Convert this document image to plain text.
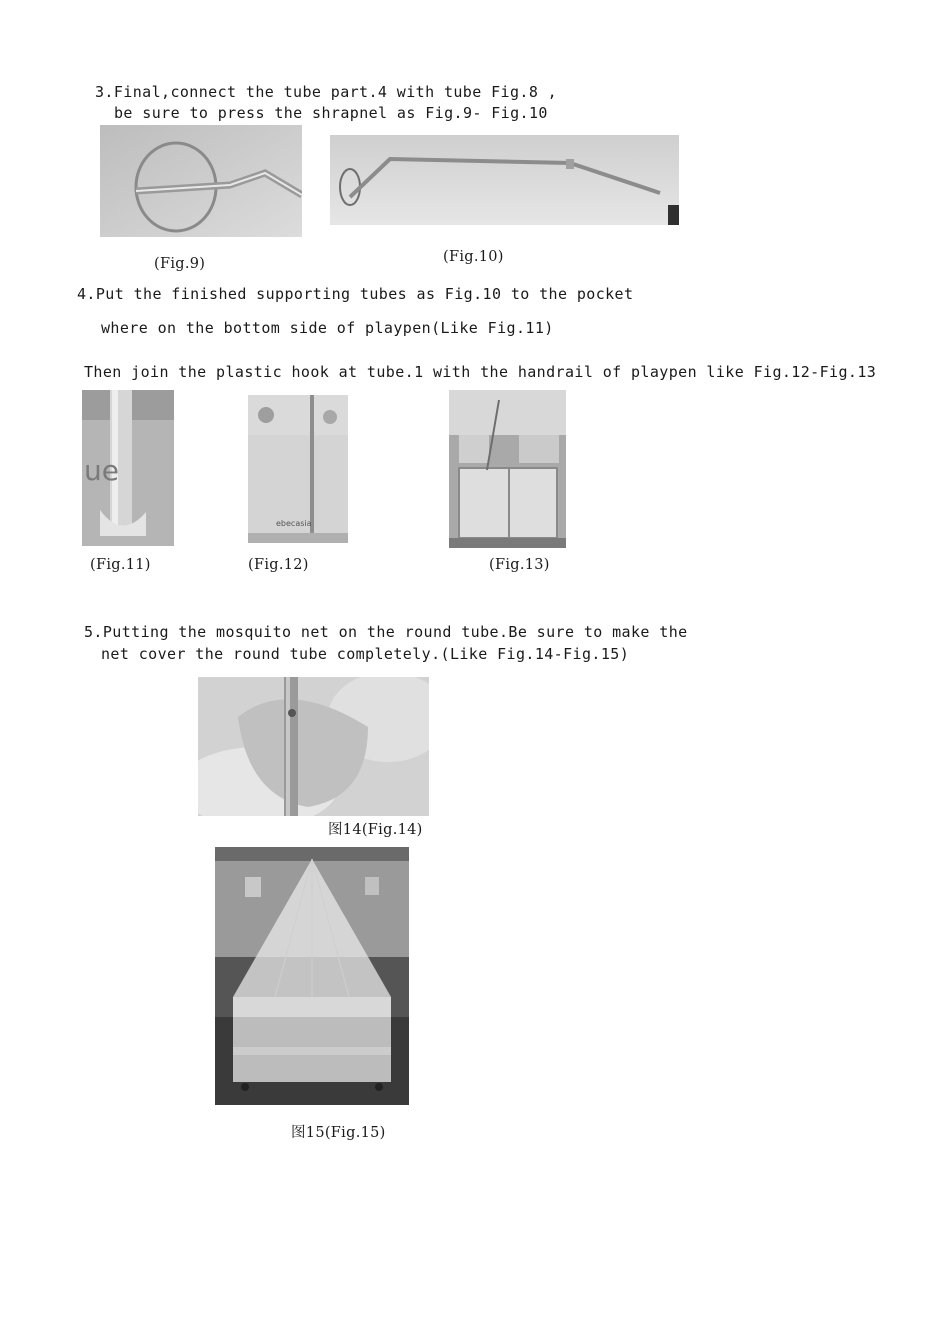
3.Final,connect the tube part.4 with tube Fig.8 ,
be sure to press the shrapnel as Fig.9- Fig.10
(Fig.9)	(Fig.10)
4.Put the finished supporting tubes as Fig.10 to the pocket
where on the bottom side of playpen(Like Fig.11)
Then join the plastic hook at tube.1 with the handrail of playpen like Fig.12-Fig.13
ue
ebecasia
(Fig.11)	(Fig.12)	(Fig.13)
5.Putting the mosquito net on the round tube.Be sure to make the
net cover the round tube completely.(Like Fig.14-Fig.15)
图14(Fig.14)
图15(Fig.15)
